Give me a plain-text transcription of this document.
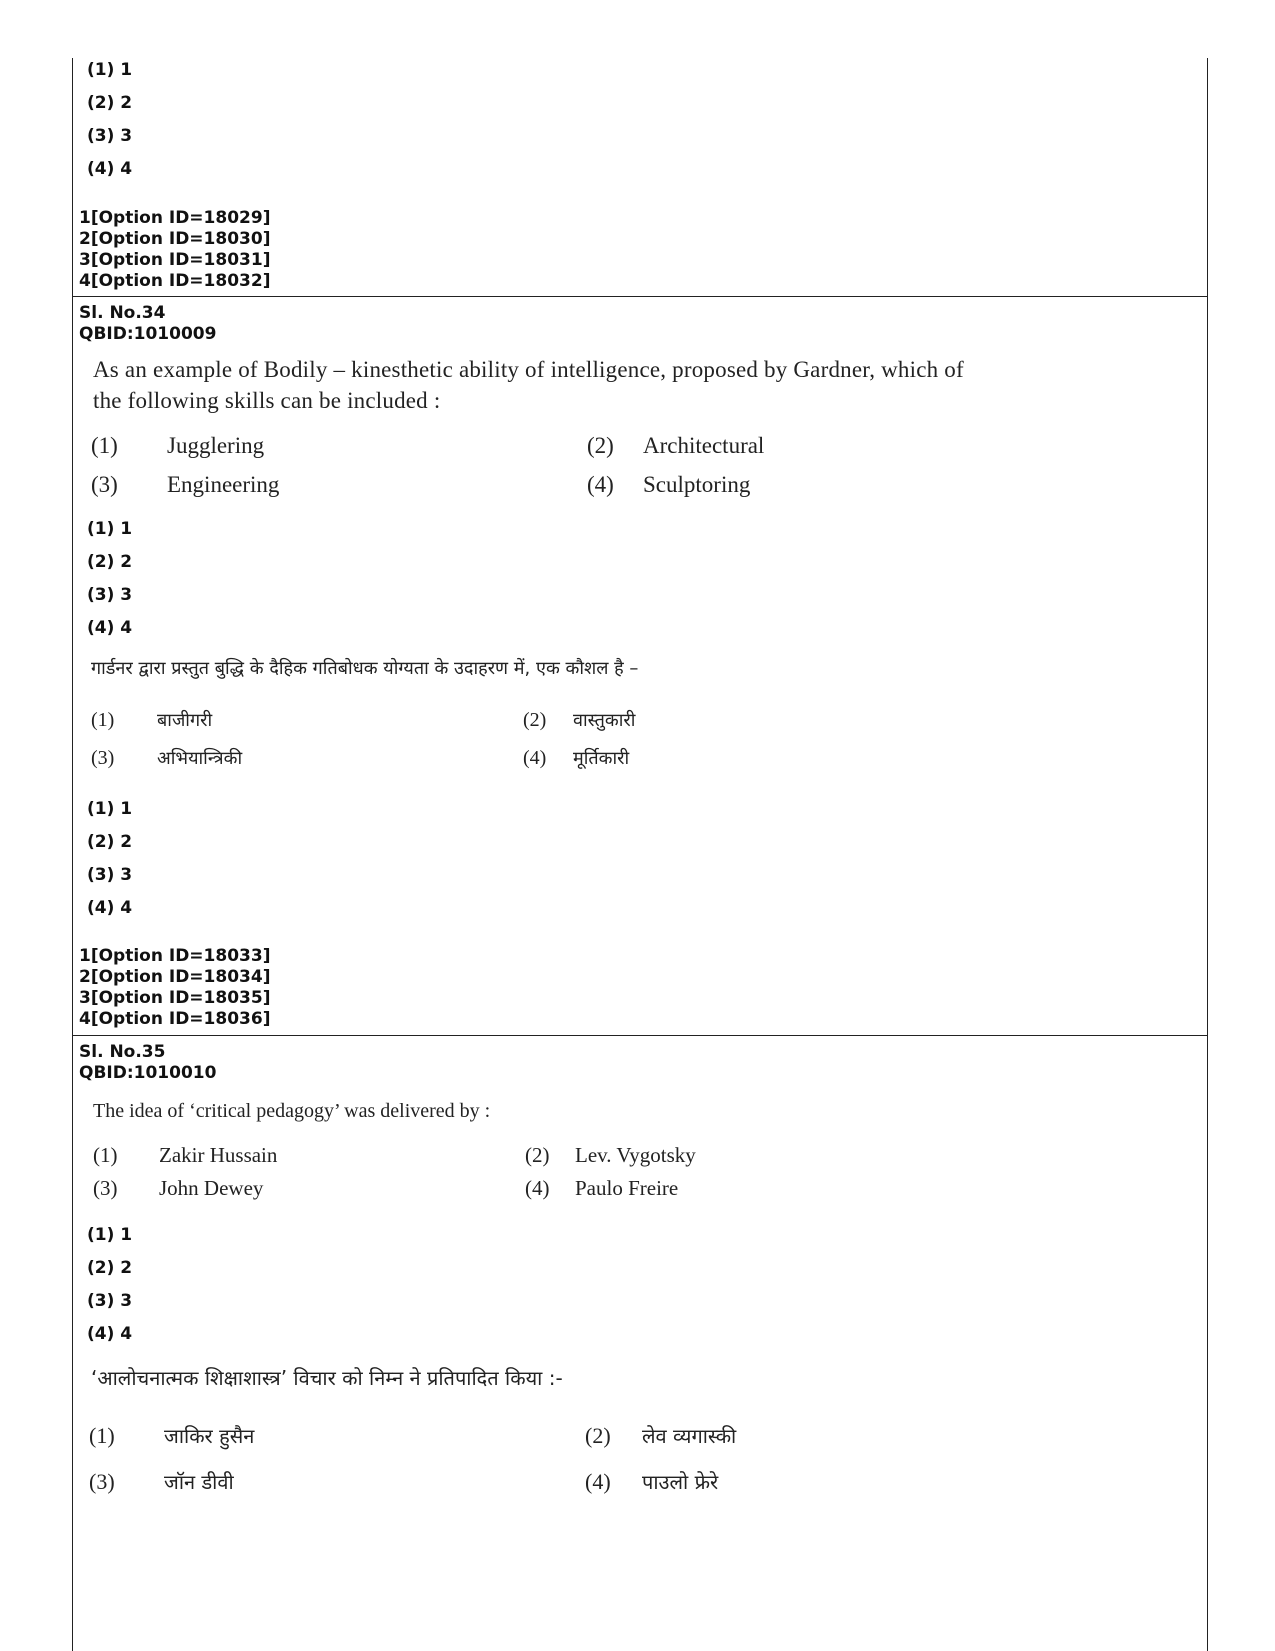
(1) 1
(2) 2
(3) 3
(4) 4
1[Option ID=18029]
2[Option ID=18030]
3[Option ID=18031]
4[Option ID=18032]
Sl. No.34
QBID:1010009
As an example of Bodily – kinesthetic ability of intelligence, proposed by Gardner, which of
the following skills can be included :
(1) Jugglering	(2) Architectural
(3) Engineering	(4) Sculptoring
(1) 1
(2) 2
(3) 3
(4) 4
गार्डनर द्वारा प्रस्तुत बुद्धि के दैहिक गतिबोधक योग्यता के उदाहरण में, एक कौशल है –
(1) बाजीगरी	(2) वास्तुकारी
(3) अभियान्त्रिकी	(4) मूर्तिकारी
(1) 1
(2) 2
(3) 3
(4) 4
1[Option ID=18033]
2[Option ID=18034]
3[Option ID=18035]
4[Option ID=18036]
Sl. No.35
QBID:1010010
The idea of ‘critical pedagogy’ was delivered by :
(1) Zakir Hussain	(2) Lev. Vygotsky
(3) John Dewey	(4) Paulo Freire
(1) 1
(2) 2
(3) 3
(4) 4
‘आलोचनात्मक शिक्षाशास्त्र’ विचार को निम्न ने प्रतिपादित किया :-
(1) जाकिर हुसैन	(2) लेव व्यगास्की
(3) जॉन डीवी	(4) पाउलो फ्रेरे
